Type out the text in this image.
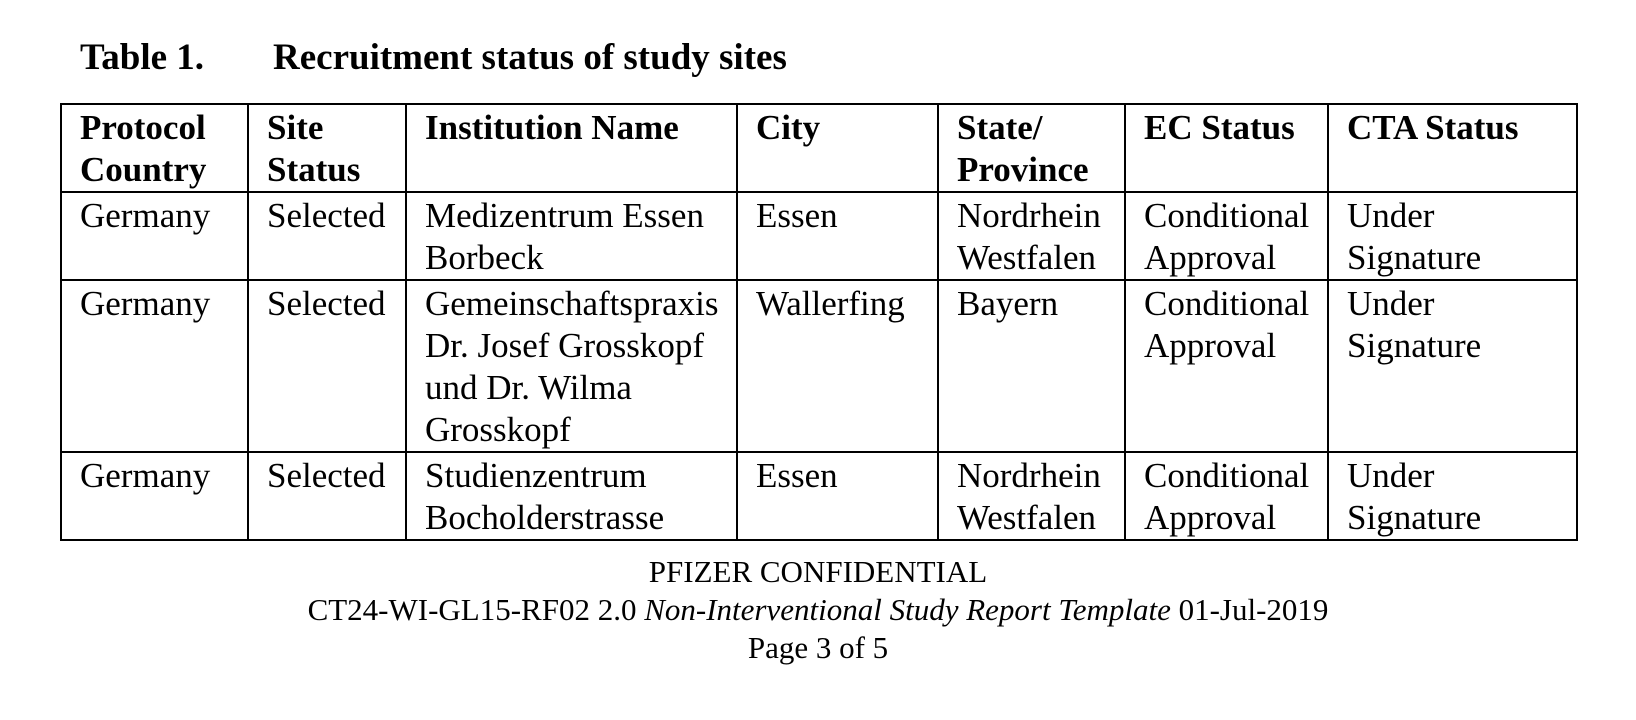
Table 1. Recruitment status of study sites
Protocol Country	Site Status	Institution Name	City	State/ Province	EC Status	CTA Status
Germany	Selected	Medizentrum Essen Borbeck	Essen	Nordrhein Westfalen	Conditional Approval	Under Signature
Germany	Selected	Gemeinschaftspraxis Dr. Josef Grosskopf und Dr. Wilma Grosskopf	Wallerfing	Bayern	Conditional Approval	Under Signature
Germany	Selected	Studienzentrum Bocholderstrasse	Essen	Nordrhein Westfalen	Conditional Approval	Under Signature
PFIZER CONFIDENTIAL
CT24-WI-GL15-RF02 2.0 Non-Interventional Study Report Template 01-Jul-2019
Page 3 of 5
